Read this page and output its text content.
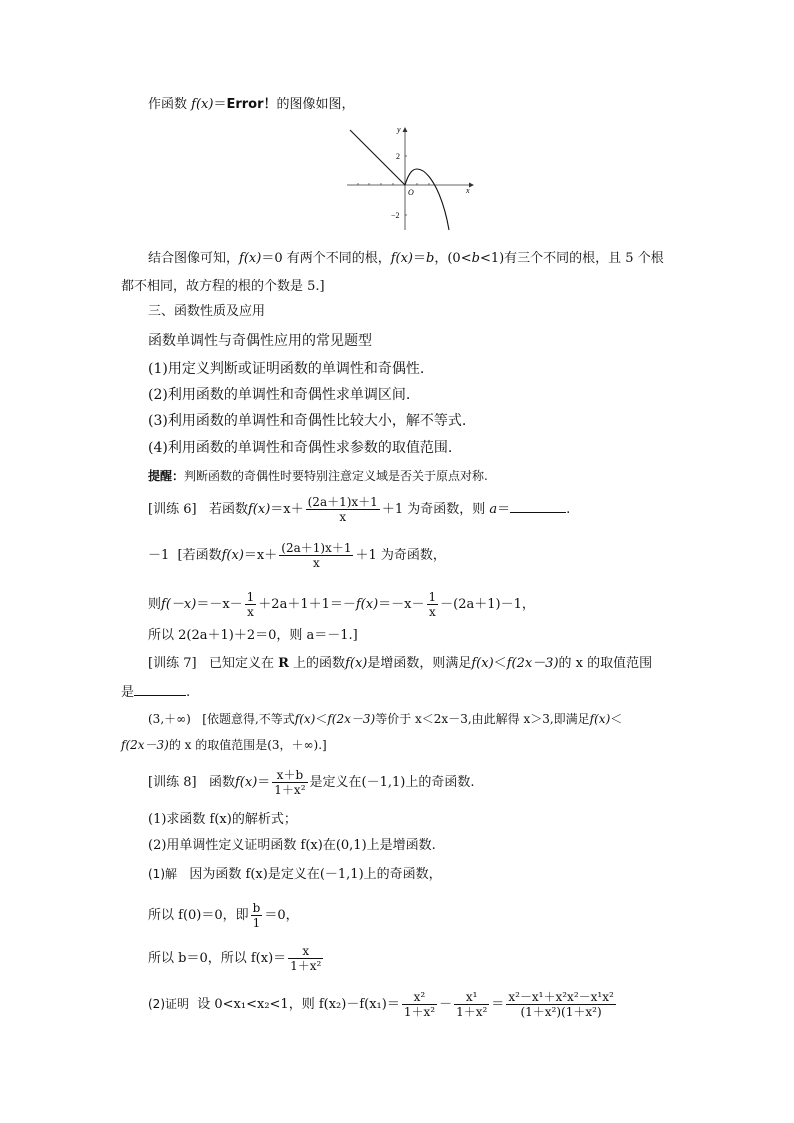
作函数 f(x)＝Error！的图像如图，
y
x
2
−2
O
结合图像可知，f(x)＝0 有两个不同的根，f(x)＝b，(0<b<1)有三个不同的根，且 5 个根
都不相同，故方程的根的个数是 5.]
三、函数性质及应用
函数单调性与奇偶性应用的常见题型
(1)用定义判断或证明函数的单调性和奇偶性.
(2)利用函数的单调性和奇偶性求单调区间.
(3)利用函数的单调性和奇偶性比较大小，解不等式.
(4)利用函数的单调性和奇偶性求参数的取值范围.
提醒：判断函数的奇偶性时要特别注意定义域是否关于原点对称.
[训练 6] 若函数$f(x)=x+ \frac{(2a+1)x+1}{x} +1$ 为奇函数，则 a＝	.
－1 [若函数$f(x)=x+ \frac{(2a+1)x+1}{x} +1$ 为奇函数，
则$f(-x)=-x- \frac{1}{x} +2a+1+1=-f(x)=-x- \frac{1}{x} -(2a+1)-1$，
所以 2(2a＋1)＋2＝0，则 a＝－1.]
[训练 7] 已知定义在 R 上的函数f(x)是增函数，则满足f(x)＜f(2x－3)的 x 的取值范围
是	.
(3,＋∞) [依题意得,不等式f(x)＜f(2x－3)等价于 x＜2x－3,由此解得 x＞3,即满足f(x)＜
f(2x－3)的 x 的取值范围是(3，＋∞).]
[训练 8] 函数$f(x)= \frac{x+b}{\text{1＋x²}}$ 是定义在(－1,1)上的奇函数.
(1)求函数 f(x)的解析式；
(2)用单调性定义证明函数 f(x)在(0,1)上是增函数.
(1)解 因为函数 f(x)是定义在(－1,1)上的奇函数，
所以 f(0)＝0，即 $\frac{b}{1} =0$，
所以 b＝0，所以 $f(x)= \frac{x}{\text{1＋x²}}$
(2)证明 设 0<x₁<x₂<1，则 $f(x_2)-f(x_1)= \frac{\text{x²}}{\text{1＋x²}} - \frac{\text{x¹}}{\text{1＋x²}} = \frac{\text{x²－x¹＋x²x²－x¹x²}}{\text{(1＋x²)(1＋x²)}}$
